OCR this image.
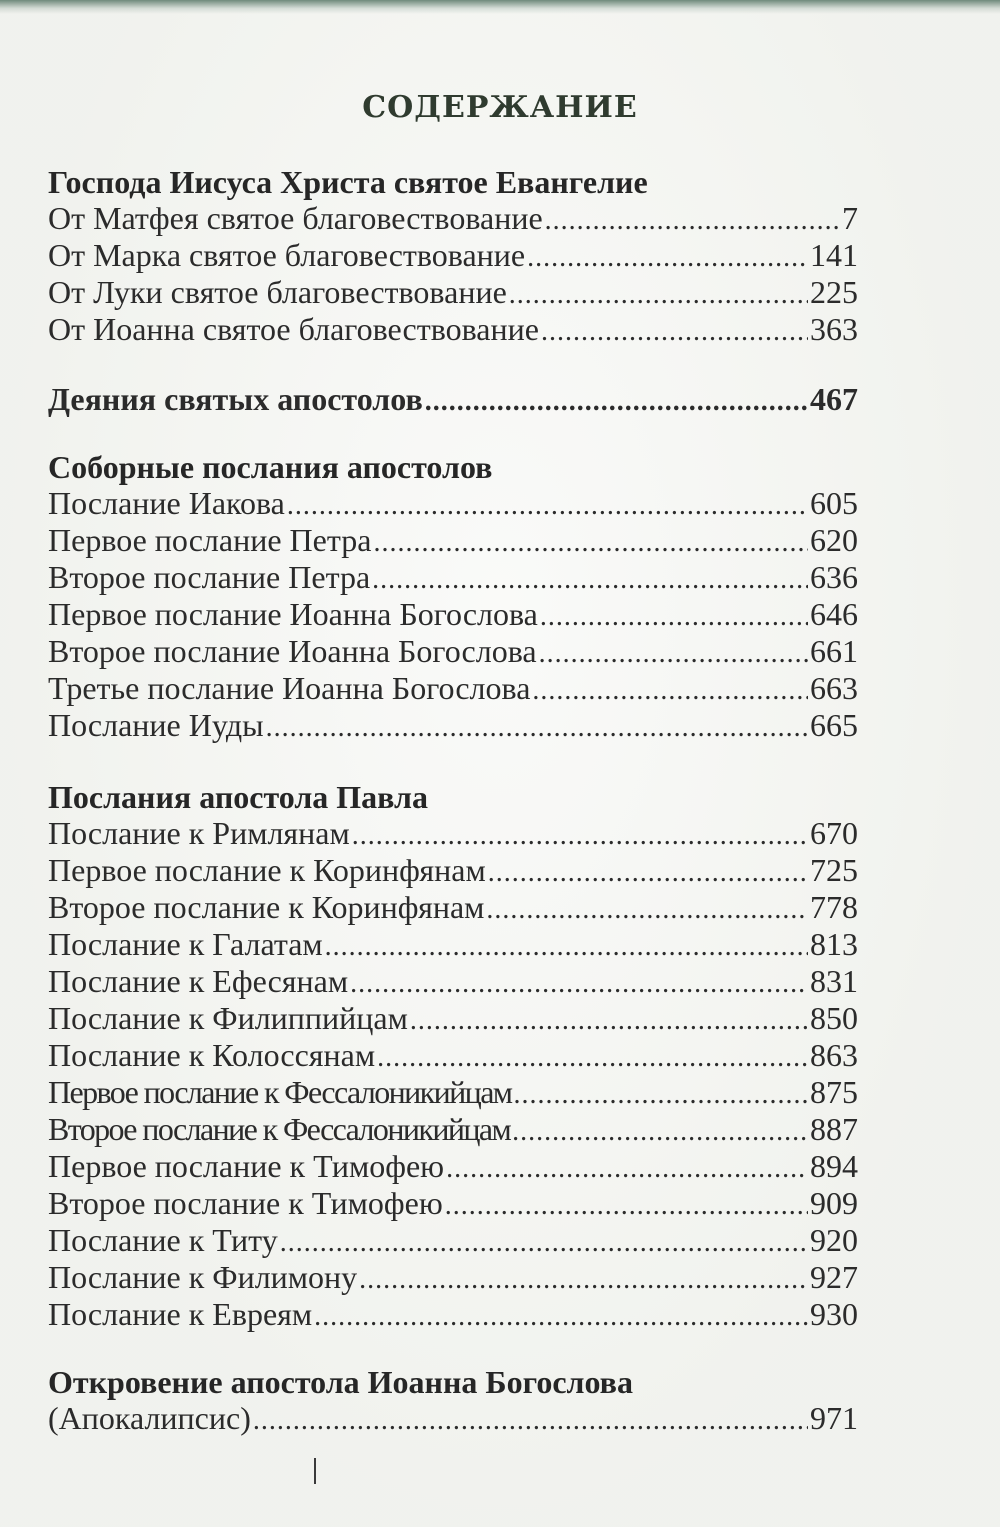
СОДЕРЖАНИЕ
Господа Иисуса Христа святое Евангелие
От Матфея святое благовествование . . .	7
От Марка святое благовествование . . .	141
От Луки святое благовествование . . .	225
От Иоанна святое благовествование . . .	363
Деяния святых апостолов . . .	467
Соборные послания апостолов
Послание Иакова . . .	605
Первое послание Петра . . .	620
Второе послание Петра . . .	636
Первое послание Иоанна Богослова . . .	646
Второе послание Иоанна Богослова . . .	661
Третье послание Иоанна Богослова . . .	663
Послание Иуды . . .	665
Послания апостола Павла
Послание к Римлянам . . .	670
Первое послание к Коринфянам . . .	725
Второе послание к Коринфянам . . .	778
Послание к Галатам . . .	813
Послание к Ефесянам . . .	831
Послание к Филиппийцам . . .	850
Послание к Колоссянам . . .	863
Первое послание к Фессалоникийцам . . .	875
Второе послание к Фессалоникийцам . . .	887
Первое послание к Тимофею . . .	894
Второе послание к Тимофею . . .	909
Послание к Титу . . .	920
Послание к Филимону . . .	927
Послание к Евреям . . .	930
Откровение апостола Иоанна Богослова
(Апокалипсис) . . .	971
